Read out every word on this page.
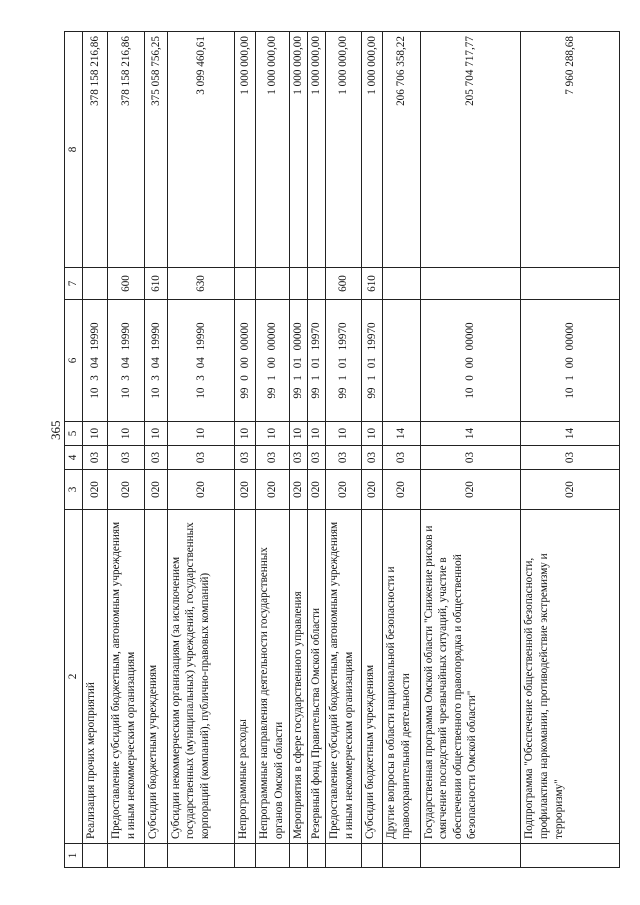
365
1	2	3	4	5	6	7	8
	Реализация прочих мероприятий	020	03	10	10 3 04 19990		378 158 216,86
	Предоставление субсидий бюджетным, автономным учреждениям и иным некоммерческим организациям	020	03	10	10 3 04 19990	600	378 158 216,86
	Субсидии бюджетным учреждениям	020	03	10	10 3 04 19990	610	375 058 756,25
	Субсидии некоммерческим организациям (за исключением государственных (муниципальных) учреждений, государственных корпораций (компаний), публично-правовых компаний)	020	03	10	10 3 04 19990	630	3 099 460,61
	Непрограммные расходы	020	03	10	99 0 00 00000		1 000 000,00
	Непрограммные направления деятельности государственных органов Омской области	020	03	10	99 1 00 00000		1 000 000,00
	Мероприятия в сфере государственного управления	020	03	10	99 1 01 00000		1 000 000,00
	Резервный фонд Правительства Омской области	020	03	10	99 1 01 19970		1 000 000,00
	Предоставление субсидий бюджетным, автономным учреждениям и иным некоммерческим организациям	020	03	10	99 1 01 19970	600	1 000 000,00
	Субсидии бюджетным учреждениям	020	03	10	99 1 01 19970	610	1 000 000,00
	Другие вопросы в области национальной безопасности и правоохранительной деятельности	020	03	14			206 706 358,22
	Государственная программа Омской области "Снижение рисков и смягчение последствий чрезвычайных ситуаций, участие в обеспечении общественного правопорядка и общественной безопасности Омской области"	020	03	14	10 0 00 00000		205 704 717,77
	Подпрограмма "Обеспечение общественной безопасности, профилактика наркомании, противодействие экстремизму и терроризму"	020	03	14	10 1 00 00000		7 960 288,68
